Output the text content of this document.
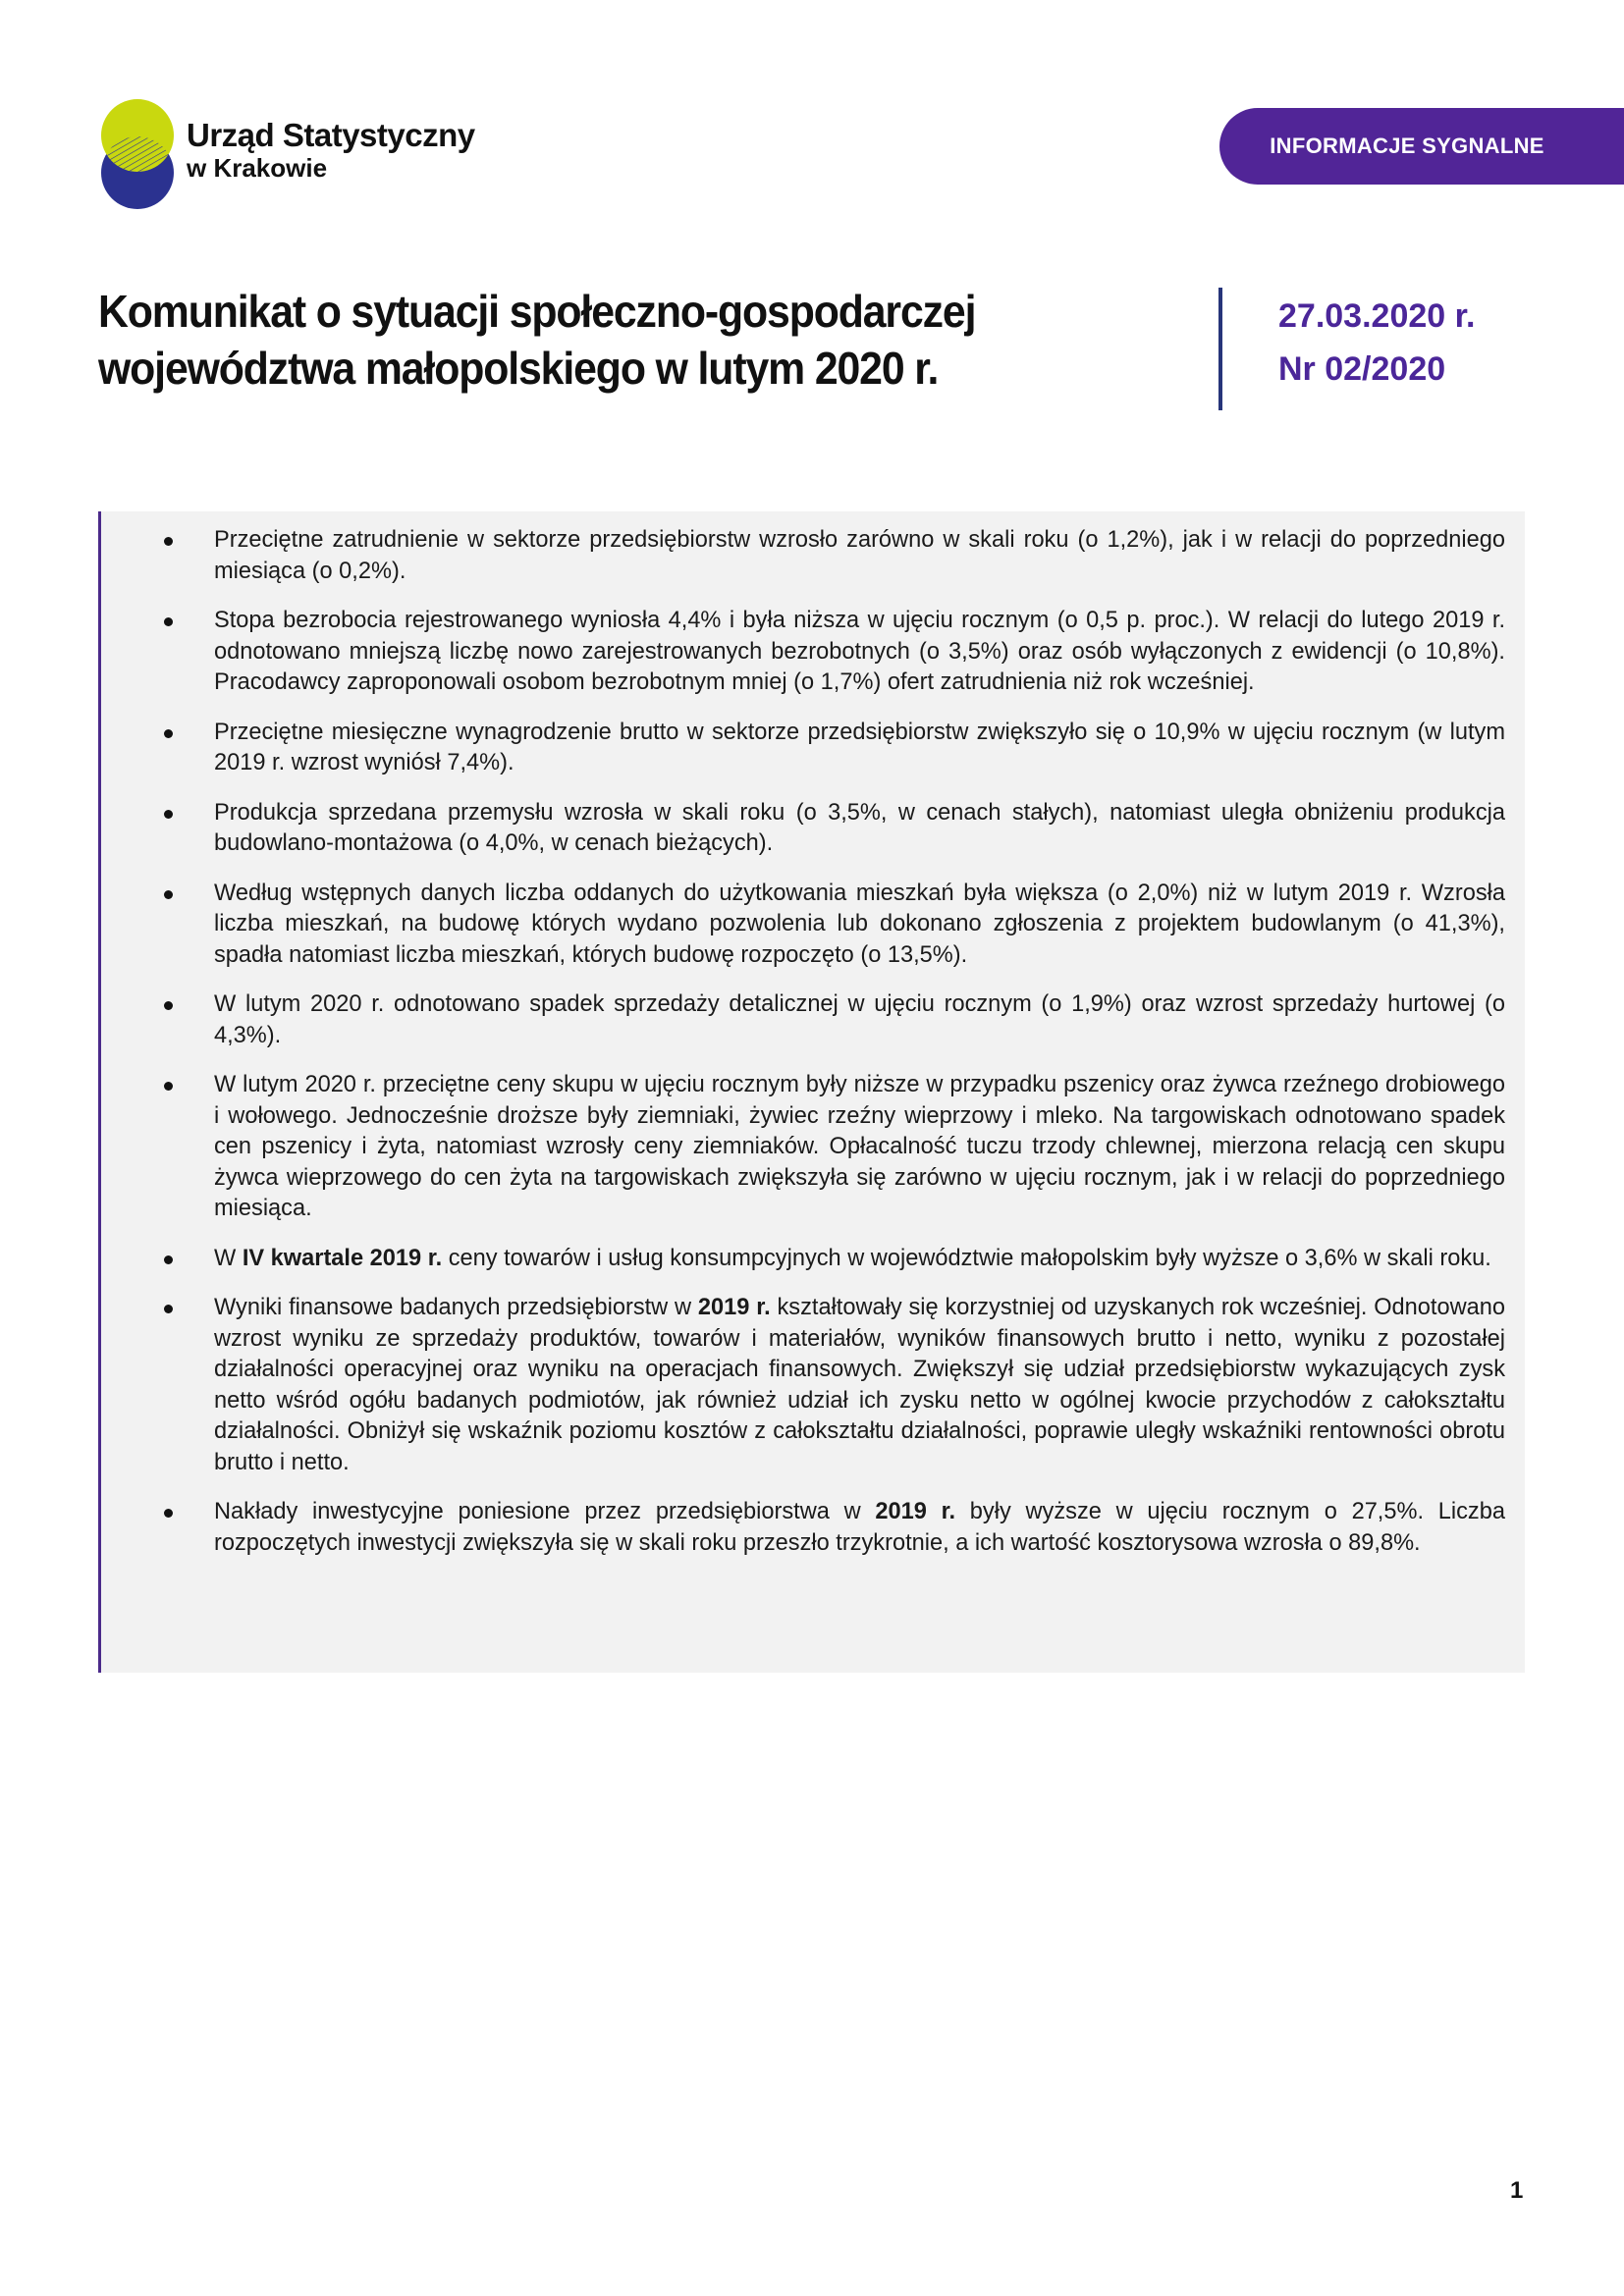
Urząd Statystyczny
w Krakowie
INFORMACJE SYGNALNE
Komunikat o sytuacji społeczno-gospodarczej województwa małopolskiego w lutym 2020 r.
27.03.2020 r.
Nr 02/2020
Przeciętne zatrudnienie w sektorze przedsiębiorstw wzrosło zarówno w skali roku (o 1,2%), jak i w relacji do poprzedniego miesiąca (o 0,2%).
Stopa bezrobocia rejestrowanego wyniosła 4,4% i była niższa w ujęciu rocznym (o 0,5 p. proc.). W relacji do lutego 2019 r. odnotowano mniejszą liczbę nowo zarejestrowanych bezrobotnych (o 3,5%) oraz osób wyłączonych z ewidencji (o 10,8%). Pracodawcy zaproponowali osobom bezrobotnym mniej (o 1,7%) ofert zatrudnienia niż rok wcześniej.
Przeciętne miesięczne wynagrodzenie brutto w sektorze przedsiębiorstw zwiększyło się o 10,9% w ujęciu rocznym (w lutym 2019 r. wzrost wyniósł 7,4%).
Produkcja sprzedana przemysłu wzrosła w skali roku (o 3,5%, w cenach stałych), natomiast uległa obniżeniu produkcja budowlano-montażowa (o 4,0%, w cenach bieżących).
Według wstępnych danych liczba oddanych do użytkowania mieszkań była większa (o 2,0%) niż w lutym 2019 r. Wzrosła liczba mieszkań, na budowę których wydano pozwolenia lub dokonano zgłoszenia z projektem budowlanym (o 41,3%), spadła natomiast liczba mieszkań, których budowę rozpoczęto (o 13,5%).
W lutym 2020 r. odnotowano spadek sprzedaży detalicznej w ujęciu rocznym (o 1,9%) oraz wzrost sprzedaży hurtowej (o 4,3%).
W lutym 2020 r. przeciętne ceny skupu w ujęciu rocznym były niższe w przypadku pszenicy oraz żywca rzeźnego drobiowego i wołowego. Jednocześnie droższe były ziemniaki, żywiec rzeźny wieprzowy i mleko. Na targowiskach odnotowano spadek cen pszenicy i żyta, natomiast wzrosły ceny ziemniaków. Opłacalność tuczu trzody chlewnej, mierzona relacją cen skupu żywca wieprzowego do cen żyta na targowiskach zwiększyła się zarówno w ujęciu rocznym, jak i w relacji do poprzedniego miesiąca.
W IV kwartale 2019 r. ceny towarów i usług konsumpcyjnych w województwie małopolskim były wyższe o 3,6% w skali roku.
Wyniki finansowe badanych przedsiębiorstw w 2019 r. kształtowały się korzystniej od uzyskanych rok wcześniej. Odnotowano wzrost wyniku ze sprzedaży produktów, towarów i materiałów, wyników finansowych brutto i netto, wyniku z pozostałej działalności operacyjnej oraz wyniku na operacjach finansowych. Zwiększył się udział przedsiębiorstw wykazujących zysk netto wśród ogółu badanych podmiotów, jak również udział ich zysku netto w ogólnej kwocie przychodów z całokształtu działalności. Obniżył się wskaźnik poziomu kosztów z całokształtu działalności, poprawie uległy wskaźniki rentowności obrotu brutto i netto.
Nakłady inwestycyjne poniesione przez przedsiębiorstwa w 2019 r. były wyższe w ujęciu rocznym o 27,5%. Liczba rozpoczętych inwestycji zwiększyła się w skali roku przeszło trzykrotnie, a ich wartość kosztorysowa wzrosła o 89,8%.
1
